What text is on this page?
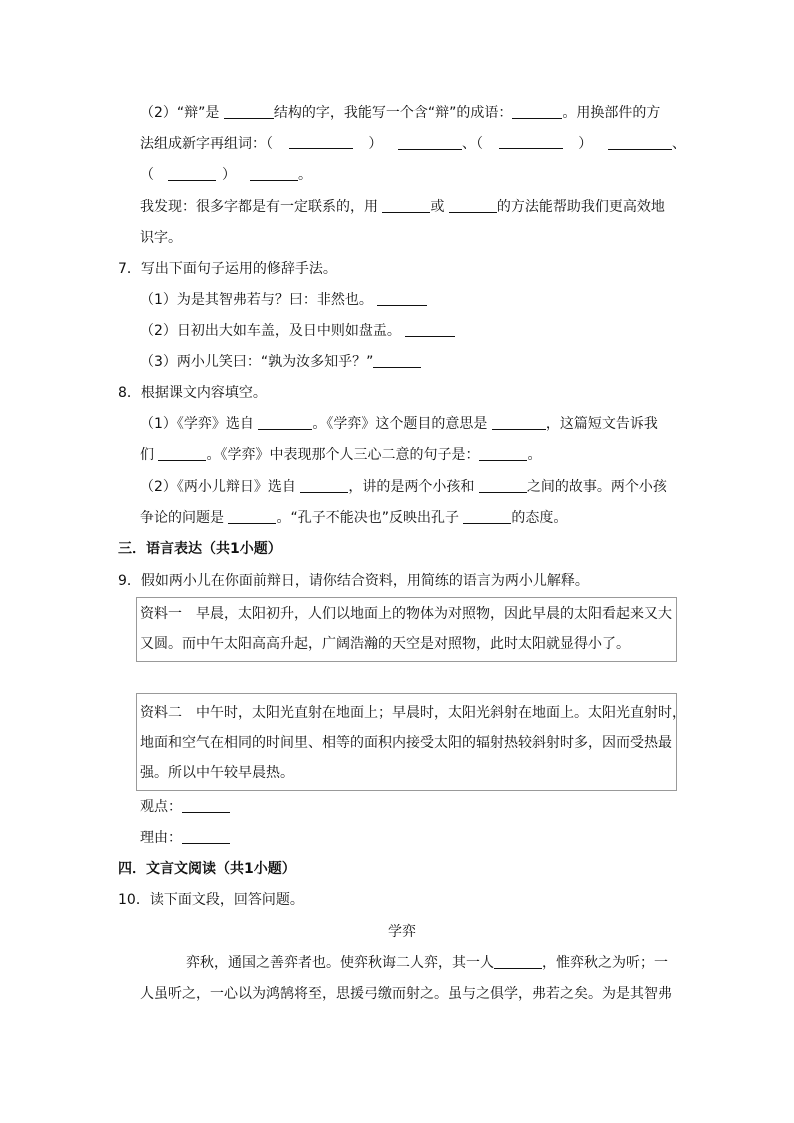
（2）“辩”是	结构的字，我能写一个含“辩”的成语：	。用换部件的方
法组成新字再组词：（	）	、（	）	、
（	）	。
我发现：很多字都是有一定联系的，用	或	的方法能帮助我们更高效地
识字。
7．写出下面句子运用的修辞手法。
（1）为是其智弗若与？曰：非然也。
（2）日初出大如车盖，及日中则如盘盂。
（3）两小儿笑曰：“孰为汝多知乎？”
8．根据课文内容填空。
（1）《学弈》选自	。《学弈》这个题目的意思是	，这篇短文告诉我
们	。《学弈》中表现那个人三心二意的句子是：	。
（2）《两小儿辩日》选自	，讲的是两个小孩和	之间的故事。两个小孩
争论的问题是	。“孔子不能决也”反映出孔子	的态度。
三．语言表达（共1小题）
9．假如两小儿在你面前辩日，请你结合资料，用简练的语言为两小儿解释。
资料一　早晨，太阳初升，人们以地面上的物体为对照物，因此早晨的太阳看起来又大
又圆。而中午太阳高高升起，广阔浩瀚的天空是对照物，此时太阳就显得小了。
资料二　中午时，太阳光直射在地面上；早晨时，太阳光斜射在地面上。太阳光直射时，
地面和空气在相同的时间里、相等的面积内接受太阳的辐射热较斜射时多，因而受热最
强。所以中午较早晨热。
观点：
理由：
四．文言文阅读（共1小题）
10．读下面文段，回答问题。
学弈
弈秋，通国之善弈者也。使弈秋诲二人弈，其一人	，惟弈秋之为听；一
人虽听之，一心以为鸿鹄将至，思援弓缴而射之。虽与之俱学，弗若之矣。为是其智弗
